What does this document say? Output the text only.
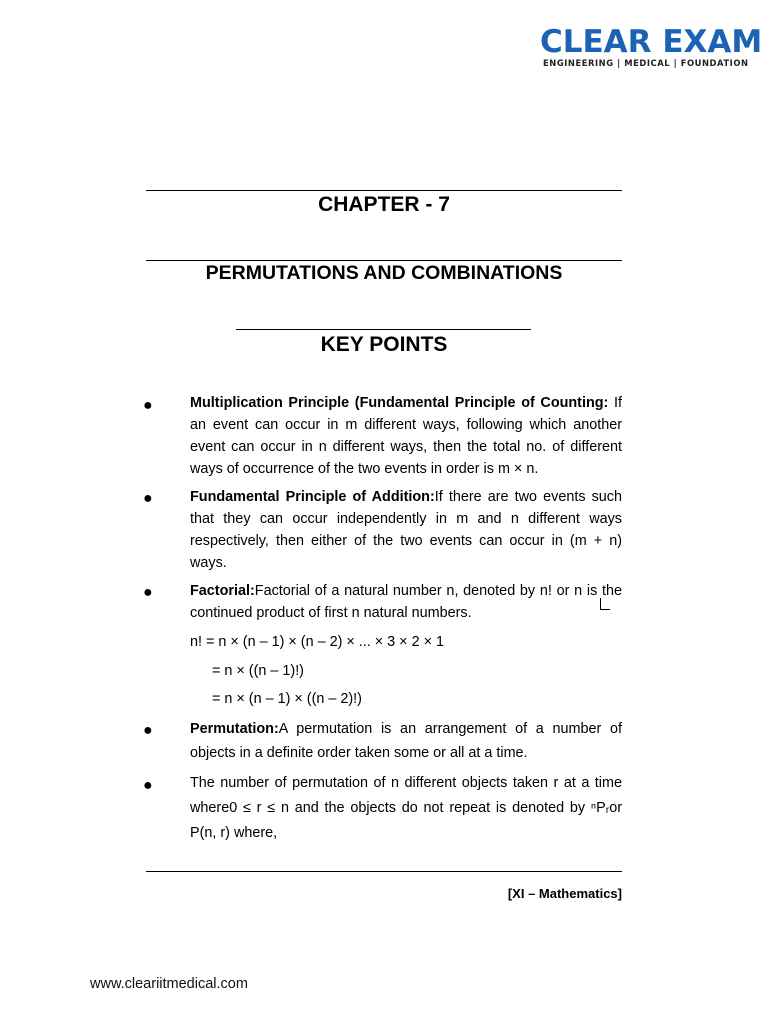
CLEAR EXAM
ENGINEERING | MEDICAL | FOUNDATION
CHAPTER - 7
PERMUTATIONS AND COMBINATIONS
KEY POINTS
●	Multiplication Principle (Fundamental Principle of Counting: If an event can occur in m different ways, following which another event can occur in n different ways, then the total no. of different ways of occurrence of the two events in order is m × n.
●	Fundamental Principle of Addition:If there are two events such that they can occur independently in m and n different ways respectively, then either of the two events can occur in (m + n) ways.
●	Factorial:Factorial of a natural number n, denoted by n! or n is the continued product of first n natural numbers.
n! = n × (n – 1) × (n – 2) × ... × 3 × 2 × 1
= n × ((n – 1)!)
= n × (n – 1) × ((n – 2)!)
●	Permutation:A permutation is an arrangement of a number of objects in a definite order taken some or all at a time.
●	The number of permutation of n different objects taken r at a time where0 ≤ r ≤ n and the objects do not repeat is denoted by ⁿPᵣor P(n, r) where,
[XI – Mathematics]
www.cleariitmedical.com
